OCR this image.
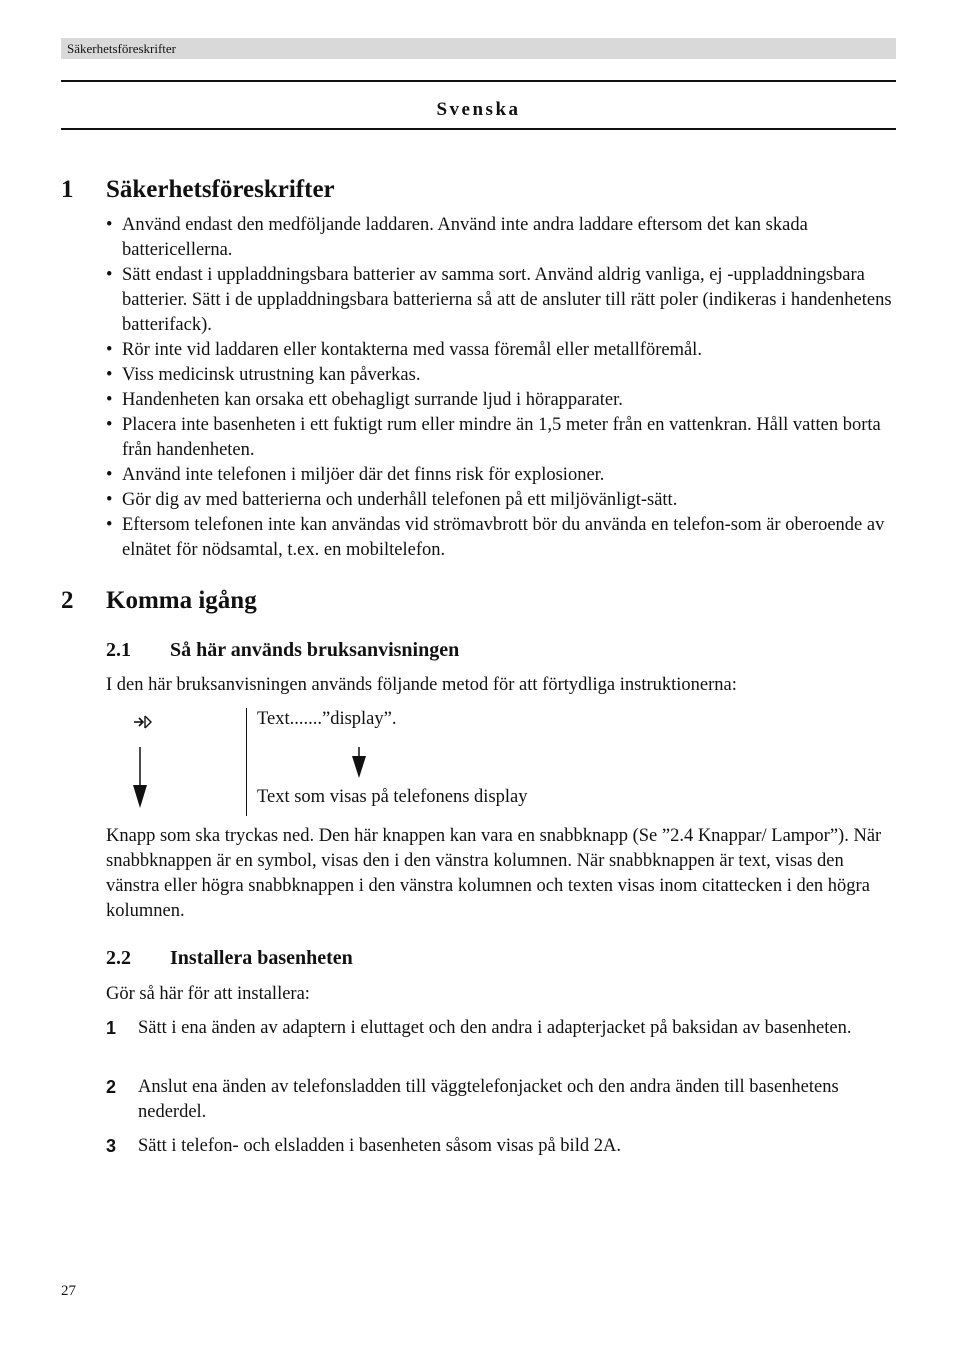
Säkerhetsföreskrifter
Svenska
1 Säkerhetsföreskrifter
• Använd endast den medföljande laddaren. Använd inte andra laddare eftersom det kan skada battericellerna.
• Sätt endast i uppladdningsbara batterier av samma sort. Använd aldrig vanliga, ej -uppladdningsbara batterier. Sätt i de uppladdningsbara batterierna så att de ansluter till rätt poler (indikeras i handenhetens batterifack).
• Rör inte vid laddaren eller kontakterna med vassa föremål eller metallföremål.
• Viss medicinsk utrustning kan påverkas.
• Handenheten kan orsaka ett obehagligt surrande ljud i hörapparater.
• Placera inte basenheten i ett fuktigt rum eller mindre än 1,5 meter från en vattenkran. Håll vatten borta från handenheten.
• Använd inte telefonen i miljöer där det finns risk för explosioner.
• Gör dig av med batterierna och underhåll telefonen på ett miljövänligt-sätt.
• Eftersom telefonen inte kan användas vid strömavbrott bör du använda en telefon-som är oberoende av elnätet för nödsamtal, t.ex. en mobiltelefon.
2 Komma igång
2.1 Så här används bruksanvisningen
I den här bruksanvisningen används följande metod för att förtydliga instruktionerna:
Text.......”display”.
Text som visas på telefonens display
Knapp som ska tryckas ned. Den här knappen kan vara en snabbknapp (Se ”2.4 Knappar/ Lampor”). När snabbknappen är en symbol, visas den i den vänstra kolumnen. När snabbknappen är text, visas den vänstra eller högra snabbknappen i den vänstra kolumnen och texten visas inom citattecken i den högra kolumnen.
2.2 Installera basenheten
Gör så här för att installera:
1 Sätt i ena änden av adaptern i eluttaget och den andra i adapterjacket på baksidan av basenheten.
2 Anslut ena änden av telefonsladden till väggtelefonjacket och den andra änden till basenhetens nederdel.
3 Sätt i telefon- och elsladden i basenheten såsom visas på bild 2A.
27
